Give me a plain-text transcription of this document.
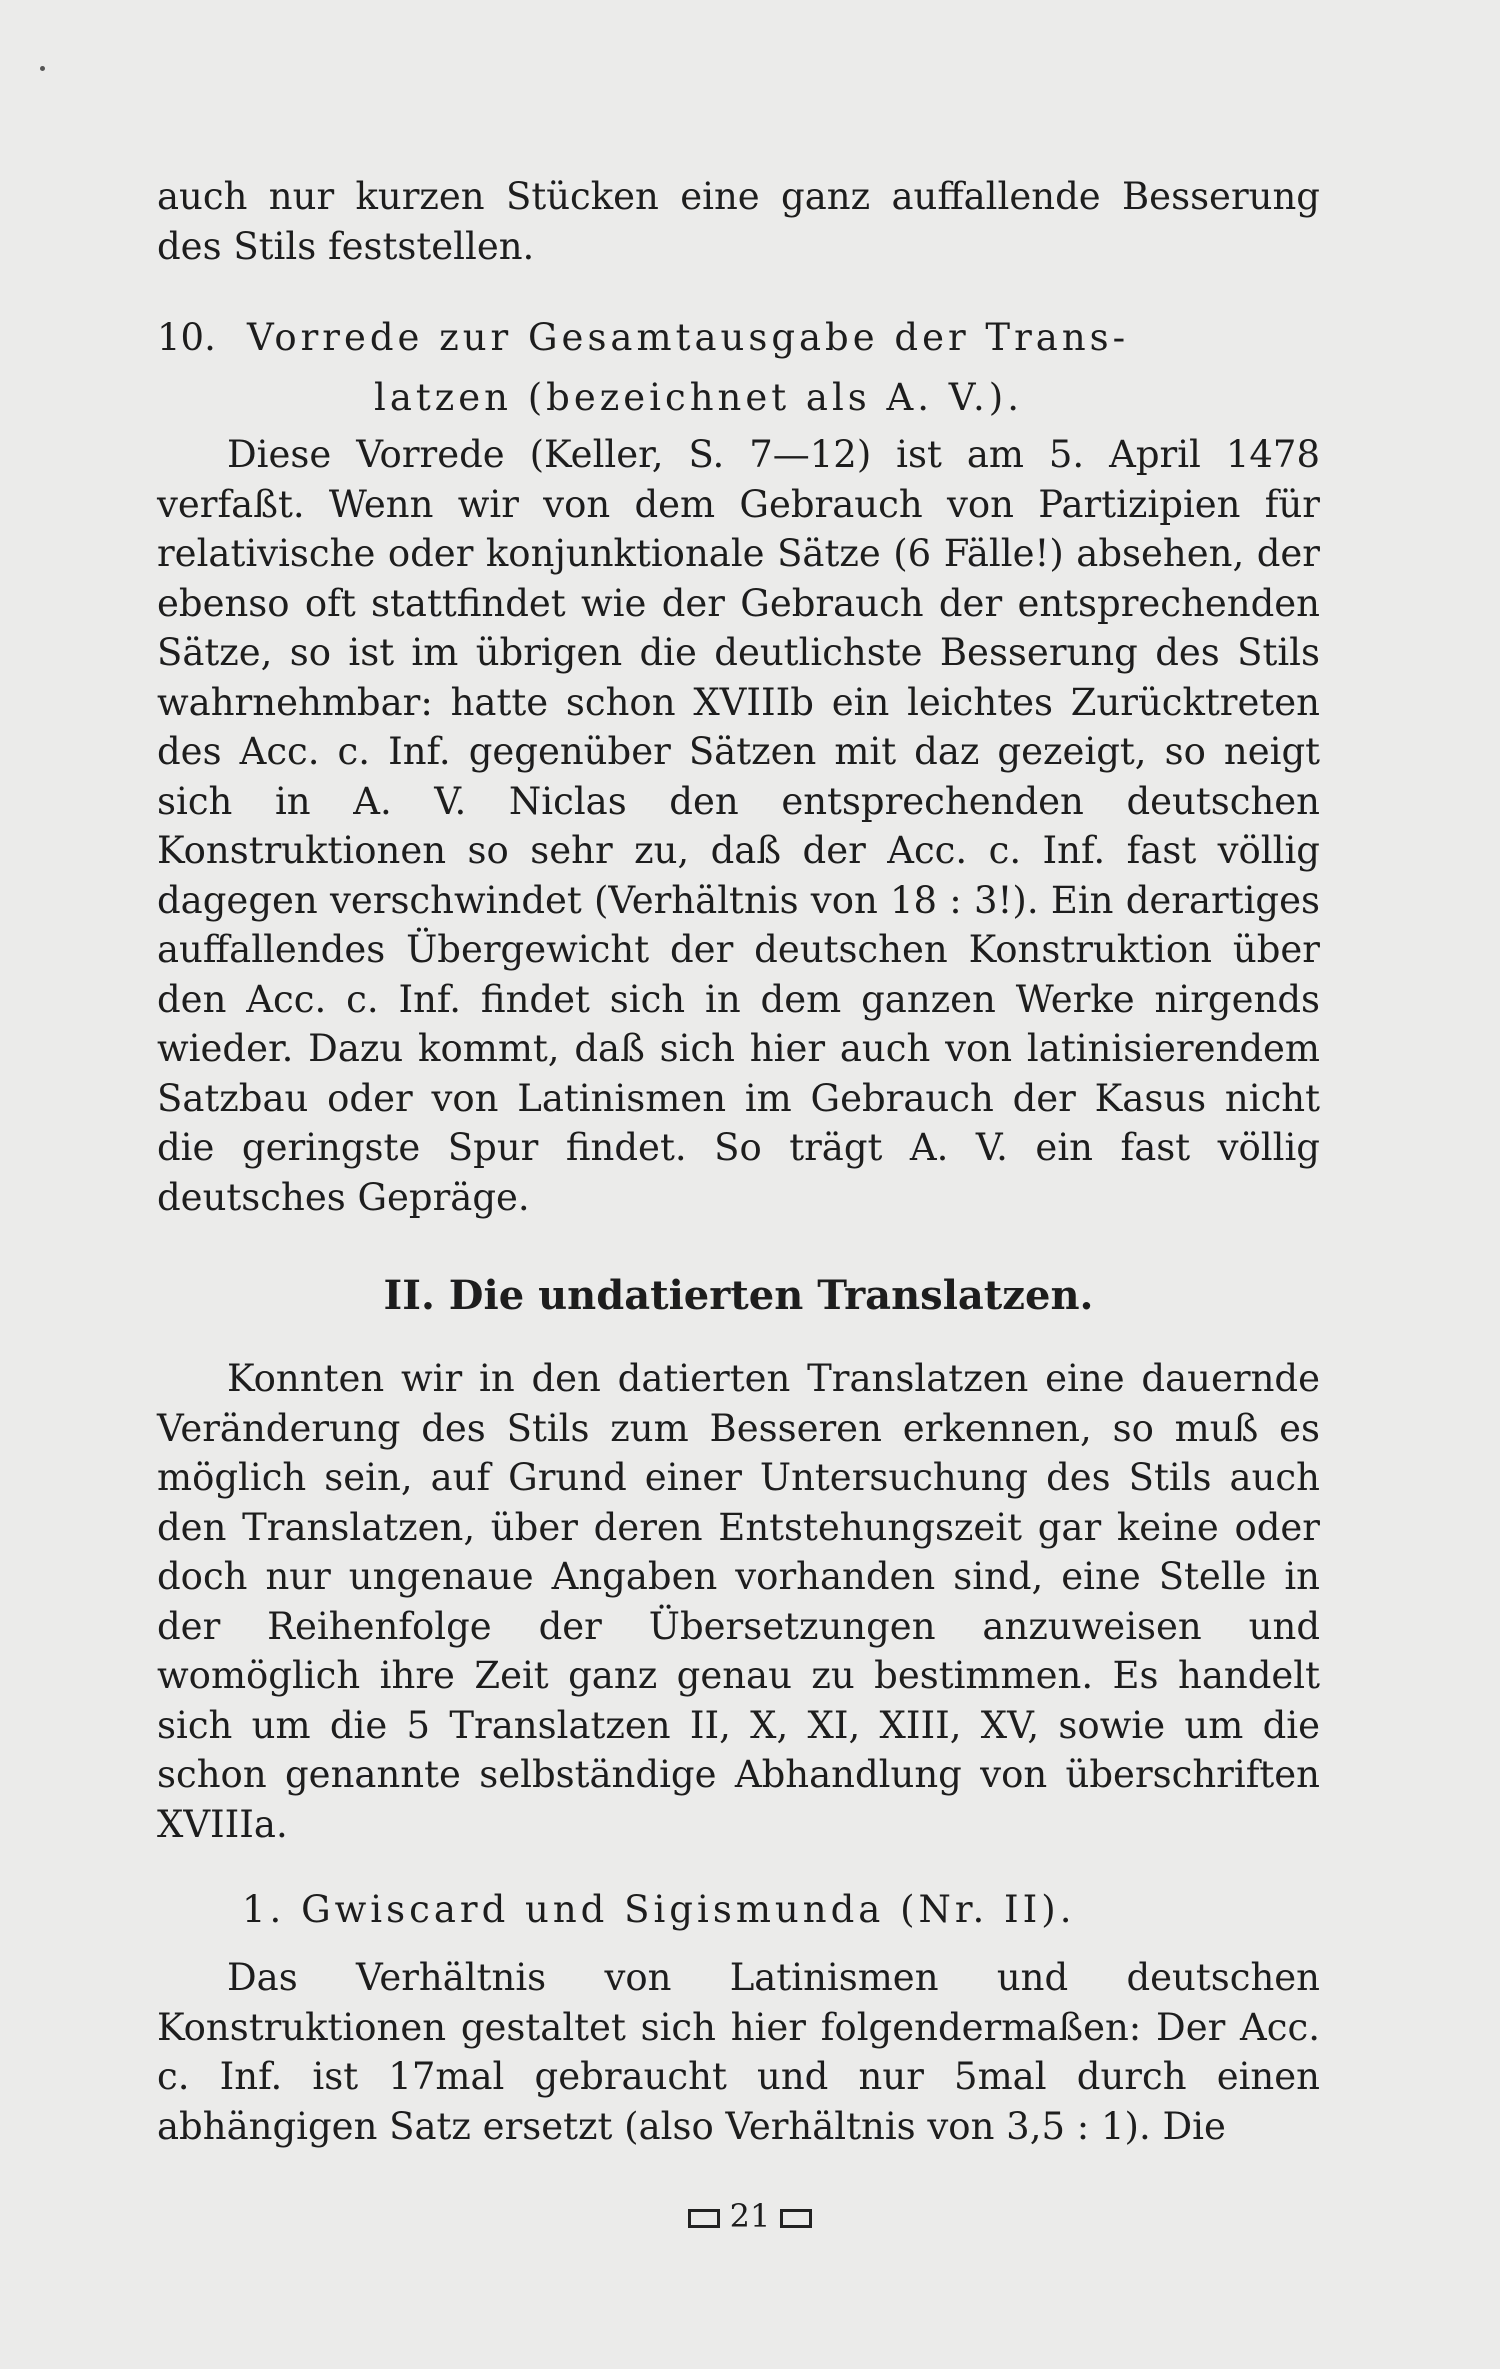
auch nur kurzen Stücken eine ganz auffallende Besserung des Stils feststellen.

10. Vorrede zur Gesamtausgabe der Trans-
latzen (bezeichnet als A. V.).

Diese Vorrede (Keller, S. 7—12) ist am 5. April 1478 verfaßt. Wenn wir von dem Gebrauch von Partizipien für relativische oder konjunktionale Sätze (6 Fälle!) absehen, der ebenso oft stattfindet wie der Gebrauch der entsprechenden Sätze, so ist im übrigen die deutlichste Besserung des Stils wahrnehmbar: hatte schon XVIIIb ein leichtes Zurücktreten des Acc. c. Inf. gegenüber Sätzen mit daz gezeigt, so neigt sich in A. V. Niclas den entsprechenden deutschen Konstruktionen so sehr zu, daß der Acc. c. Inf. fast völlig dagegen verschwindet (Verhältnis von 18 : 3!). Ein derartiges auffallendes Übergewicht der deutschen Konstruktion über den Acc. c. Inf. findet sich in dem ganzen Werke nirgends wieder. Dazu kommt, daß sich hier auch von latinisierendem Satzbau oder von Latinismen im Gebrauch der Kasus nicht die geringste Spur findet. So trägt A. V. ein fast völlig deutsches Gepräge.

II. Die undatierten Translatzen.

Konnten wir in den datierten Translatzen eine dauernde Veränderung des Stils zum Besseren erkennen, so muß es möglich sein, auf Grund einer Untersuchung des Stils auch den Translatzen, über deren Entstehungszeit gar keine oder doch nur ungenaue Angaben vorhanden sind, eine Stelle in der Reihenfolge der Übersetzungen anzuweisen und womöglich ihre Zeit ganz genau zu bestimmen. Es handelt sich um die 5 Translatzen II, X, XI, XIII, XV, sowie um die schon genannte selbständige Abhandlung von überschriften XVIIIa.

1. Gwiscard und Sigismunda (Nr. II).

Das Verhältnis von Latinismen und deutschen Konstruktionen gestaltet sich hier folgendermaßen: Der Acc. c. Inf. ist 17mal gebraucht und nur 5mal durch einen abhängigen Satz ersetzt (also Verhältnis von 3,5 : 1). Die

21
